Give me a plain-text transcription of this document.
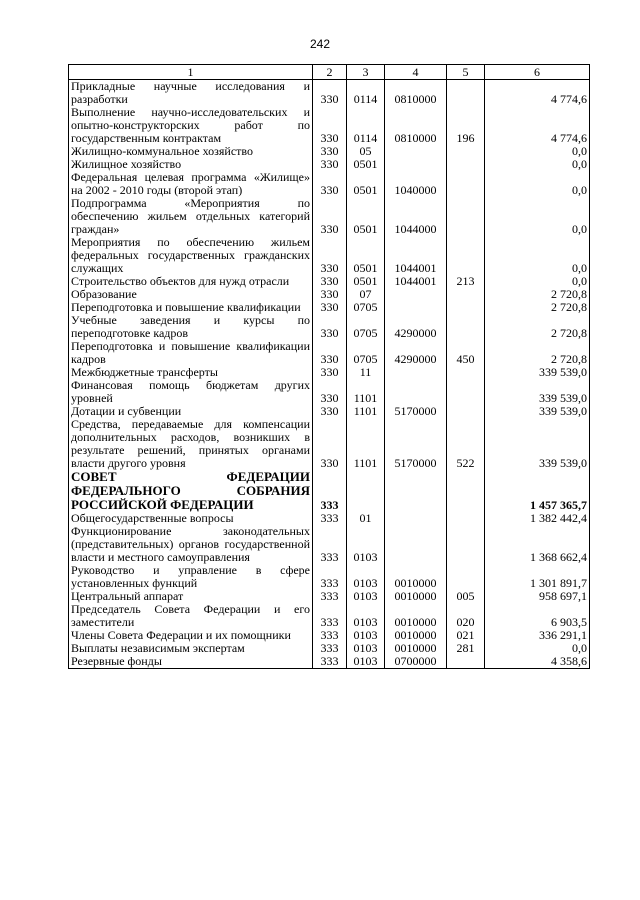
242
1	2	3	4	5	6
Прикладные научные исследования и разработки	330	0114	0810000		4 774,6
Выполнение научно-исследовательских и опытно-конструкторских работ по государственным контрактам	330	0114	0810000	196	4 774,6
Жилищно-коммунальное хозяйство	330	05			0,0
Жилищное хозяйство	330	0501			0,0
Федеральная целевая программа «Жилище» на 2002 - 2010 годы (второй этап)	330	0501	1040000		0,0
Подпрограмма «Мероприятия по обеспечению жильем отдельных категорий граждан»	330	0501	1044000		0,0
Мероприятия по обеспечению жильем федеральных государственных гражданских служащих	330	0501	1044001		0,0
Строительство объектов для нужд отрасли	330	0501	1044001	213	0,0
Образование	330	07			2 720,8
Переподготовка и повышение квалификации	330	0705			2 720,8
Учебные заведения и курсы по переподготовке кадров	330	0705	4290000		2 720,8
Переподготовка и повышение квалификации кадров	330	0705	4290000	450	2 720,8
Межбюджетные трансферты	330	11			339 539,0
Финансовая помощь бюджетам других уровней	330	1101			339 539,0
Дотации и субвенции	330	1101	5170000		339 539,0
Средства, передаваемые для компенсации дополнительных расходов, возникших в результате решений, принятых органами власти другого уровня	330	1101	5170000	522	339 539,0
СОВЕТ ФЕДЕРАЦИИ ФЕДЕРАЛЬНОГО СОБРАНИЯ РОССИЙСКОЙ ФЕДЕРАЦИИ	333				1 457 365,7
Общегосударственные вопросы	333	01			1 382 442,4
Функционирование законодательных (представительных) органов государственной власти и местного самоуправления	333	0103			1 368 662,4
Руководство и управление в сфере установленных функций	333	0103	0010000		1 301 891,7
Центральный аппарат	333	0103	0010000	005	958 697,1
Председатель Совета Федерации и его заместители	333	0103	0010000	020	6 903,5
Члены Совета Федерации и их помощники	333	0103	0010000	021	336 291,1
Выплаты независимым экспертам	333	0103	0010000	281	0,0
Резервные фонды	333	0103	0700000		4 358,6
